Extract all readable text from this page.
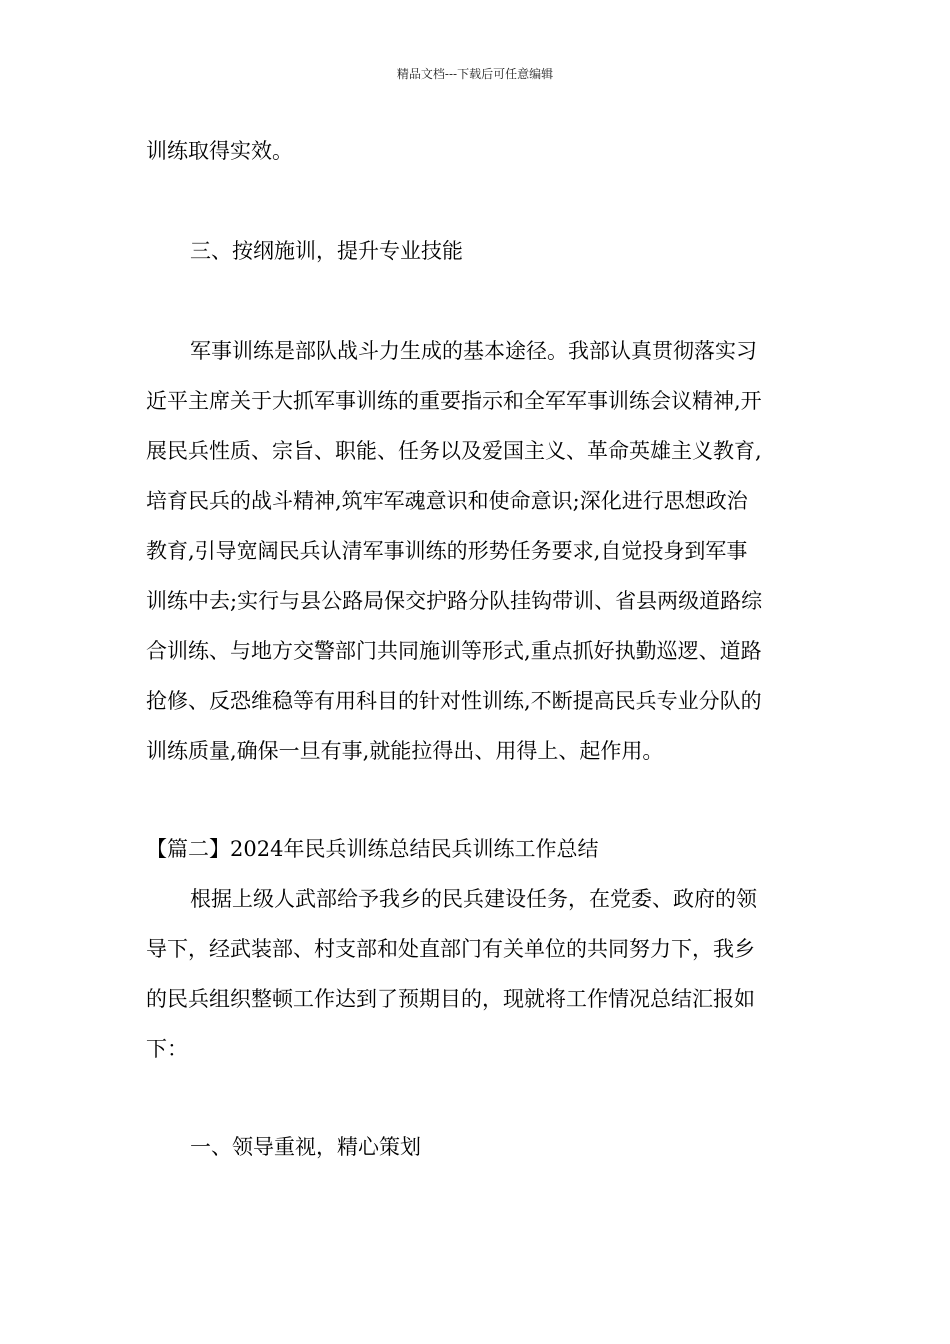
精品文档---下载后可任意编辑
训练取得实效。
三、按纲施训，提升专业技能
军事训练是部队战斗力生成的基本途径。我部认真贯彻落实习
近平主席关于大抓军事训练的重要指示和全军军事训练会议精神,开
展民兵性质、宗旨、职能、任务以及爱国主义、革命英雄主义教育,
培育民兵的战斗精神,筑牢军魂意识和使命意识;深化进行思想政治
教育,引导宽阔民兵认清军事训练的形势任务要求,自觉投身到军事
训练中去;实行与县公路局保交护路分队挂钩带训、省县两级道路综
合训练、与地方交警部门共同施训等形式,重点抓好执勤巡逻、道路
抢修、反恐维稳等有用科目的针对性训练,不断提高民兵专业分队的
训练质量,确保一旦有事,就能拉得出、用得上、起作用。
【篇二】2024年民兵训练总结民兵训练工作总结
根据上级人武部给予我乡的民兵建设任务，在党委、政府的领
导下，经武装部、村支部和处直部门有关单位的共同努力下，我乡
的民兵组织整顿工作达到了预期目的，现就将工作情况总结汇报如
下：
一、领导重视，精心策划
